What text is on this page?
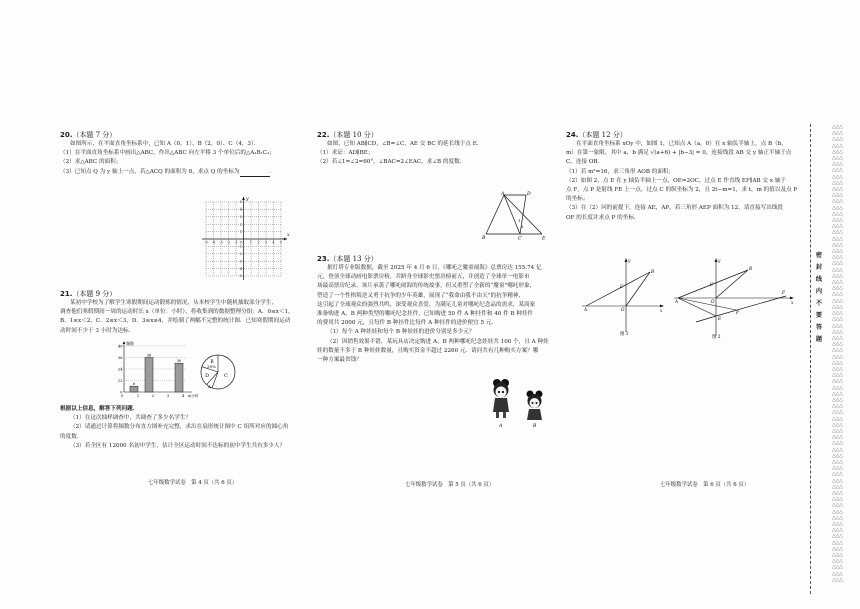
20.（本题 7 分）

如图所示，在平面直角坐标系中，已知 A（0，1）、B（2，0）、C（4，3）．

（1）在平面直角坐标系中画出△ABC，作出△ABC 向左平移 3 个单位后的△A₁B₁C₁；

（2）求△ABC 的面积；

（3）已知点 Q 为 y 轴上一点，若△ACQ 的面积为 8，求点 Q 的坐标为	．

x
y
-5 -4 -3 -2 -1 O 1 2 3 4 5
5
4
3
2
1
-1
-2
-3
-4
-5

21.（本题 9 分）

某初中学校为了解学生寒假期间运动锻炼的情况，从本校学生中随机抽取部分学生，

调查他们寒假期间一周的运动时长 x（单位：小时），将收集到的数据整理分组：A．0≤x＜1，

B．1≤x＜2，C．2≤x＜3，D．3≤x≤4，并绘制了两幅不完整的统计图．已知寒假期间运动

动时间不少于 3 小时为达标．

频数
x/小时
48
36
24
12
0
6
1
36
2	3
30
4
0
B
30%
C
D
A

根据以上信息，解答下列问题．

（1）在这次抽样调查中，共调查了多少名学生？

（2）请通过计算将频数分布直方图补充完整，求出在扇形统计图中 C 组所对应的圆心角

的度数．

（3）若全区有 12000 名初中学生，估计全区运动时间不达标的初中学生共有多少人？

七年级数学试卷　第 4 页（共 6 页）

22.（本题 10 分）

如图，已知 AB∥CD，∠B=∠C，AE 交 BC 的延长线于点 E．

（1）求证：AD∥BE；

（2）若∠1=∠2=60°，∠BAC=2∠EAC，求∠B 的度数．

A	D
B	C	E
1
2

23.（本题 13 分）

据灯塔专业版数据，截至 2025 年 4 月 6 日，《哪吒之魔童闹海》总票房达 155.74 亿

元，登顶全球动画电影票房榜，并跻身全球影史票房榜前五，并创造了全球单一电影市

场最高票房纪录。该片承袭了哪吒闹海的传统故事，但又重塑了全新的“魔童”哪吒形象，

塑造了一个性格叛逆又勇于抗争的少年英雄，展现了“我命由我不由天”的抗争精神，

这引起了全球观众的强烈共鸣，深受观众喜爱。为满足儿童对哪吒纪念品的需求，某商家

准备购进 A，B 两种类型的哪吒纪念挂件。已知购进 50 件 A 种挂件和 40 件 B 种挂件

的费用共 2000 元，且每件 B 种挂件比每件 A 种挂件的进价便宜 5 元．

（1）每个 A 种娃娃和每个 B 种娃娃的进价分别是多少元？

（2）因销售效果不错，某玩具店决定购进 A，B 两种哪吒纪念娃娃共 100 个，且 A 种娃

娃的数量不多于 B 种娃娃数量，且购买资金不超过 2260 元．请问共有几种购买方案？哪

一种方案最省钱？

A	B
七年级数学试卷　第 5 页（共 6 页）

24.（本题 12 分）

在平面直角坐标系 xOy 中，如图 1，已知点 A（a，0）在 x 轴负半轴上，点 B（b，

m）在第一象限，其中 a，b 满足 √(a+6) + |b−3| = 0，连接线段 AB 交 y 轴正半轴于点

C，连接 OB．

（1）若 m²=16，求三角形 AOB 的面积；

（2）如图 2，点 E 在 y 轴负半轴上一点，OE=2OC，过点 E 作直线 EF∥AB 交 x 轴于

点 F，点 P 是射线 FE 上一点，过点 C 的纵坐标为 2，且 2t−m=1，求 t，m 的值以及点 P

的坐标；

（3）在（2）问的前提下，连接 AE，AP，若三角形 AEP 面积为 12，请直接写出线段

OF 的长度并求点 P 的坐标．

A
B
C
O
y
x
图 1
A
B
C
O
E
F
P
y
x
图 2
七年级数学试卷　第 6 页（共 6 页）
密
封
线
内
不
要
答
题
△△△
△△△
△△△
△△△
△△△
△△△
△△△
△△△
△△△
△△△
△△△
△△△
△△△
△△△
△△△
△△△
△△△
△△△
△△△
△△△
△△△
△△△
△△△
△△△
△△△
△△△
△△△
△△△
△△△
△△△
△△△
△△△
△△△
△△△
△△△
△△△
△△△
△△△
△△△
△△△
△△△
△△△
△△△
△△△
△△△
△△△
△△△
△△△
△△△
△△△
△△△
△△△
△△△
△△△
△△△
△△△
△△△
△△△
△△△
△△△
△△△
△△△
△△△
△△△
△△△
△△△
△△△
△△△
△△△
△△△
△△△
△△△
△△△
△△△
